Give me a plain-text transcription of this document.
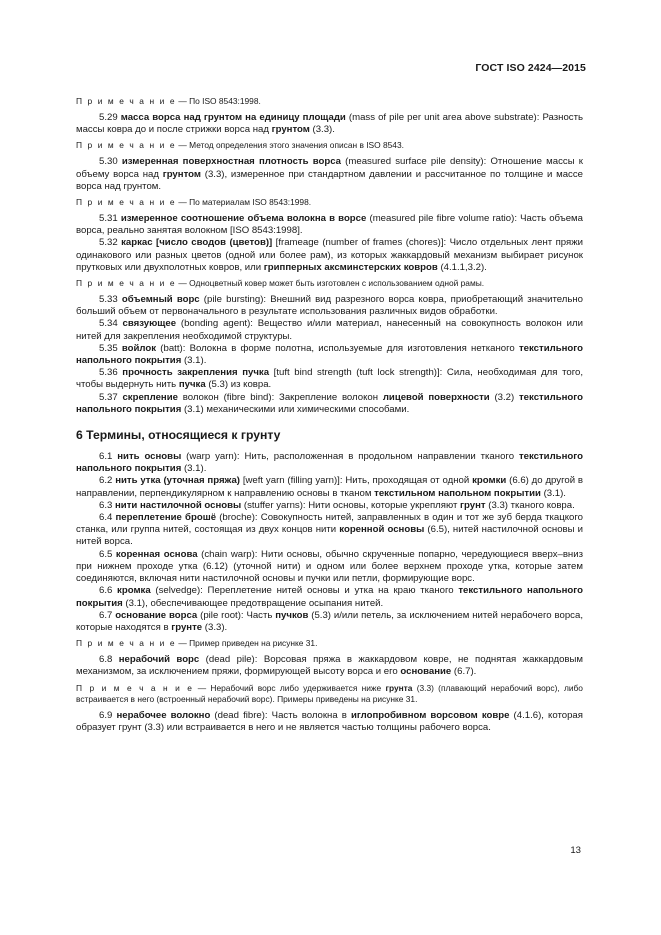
ГОСТ ISO 2424—2015

П р и м е ч а н и е — По ISO 8543:1998.

5.29 масса ворса над грунтом на единицу площади (mass of pile per unit area above substrate): Разность массы ковра до и после стрижки ворса над грунтом (3.3).

П р и м е ч а н и е — Метод определения этого значения описан в ISO 8543.

5.30 измеренная поверхностная плотность ворса (measured surface pile density): Отношение массы к объему ворса над грунтом (3.3), измеренное при стандартном давлении и рассчитанное по толщине и массе ворса над грунтом.

П р и м е ч а н и е — По материалам ISO 8543:1998.

5.31 измеренное соотношение объема волокна в ворсе (measured pile fibre volume ratio): Часть объема ворса, реально занятая волокном [ISO 8543:1998].

5.32 каркас [число сводов (цветов)] [frameage (number of frames (chores)]: Число отдельных лент пряжи одинакового или разных цветов (одной или более рам), из которых жаккардовый механизм выбирает рисунок прутковых или двухполотных ковров, или грипперных аксминстерских ковров (4.1.1,3.2).

П р и м е ч а н и е — Одноцветный ковер может быть изготовлен с использованием одной рамы.

5.33 объемный ворс (pile bursting): Внешний вид разрезного ворса ковра, приобретающий значительно больший объем от первоначального в результате использования различных видов обработки.

5.34 связующее (bonding agent): Вещество и/или материал, нанесенный на совокупность волокон или нитей для закрепления необходимой структуры.

5.35 войлок (batt): Волокна в форме полотна, используемые для изготовления нетканого текстильного напольного покрытия (3.1).

5.36 прочность закрепления пучка [tuft bind strength (tuft lock strength)]: Сила, необходимая для того, чтобы выдернуть нить пучка (5.3) из ковра.

5.37 скрепление волокон (fibre bind): Закрепление волокон лицевой поверхности (3.2) текстильного напольного покрытия (3.1) механическими или химическими способами.

6 Термины, относящиеся к грунту

6.1 нить основы (warp yarn): Нить, расположенная в продольном направлении тканого текстильного напольного покрытия (3.1).

6.2 нить утка (уточная пряжа) [weft yarn (filling yarn)]: Нить, проходящая от одной кромки (6.6) до другой в направлении, перпендикулярном к направлению основы в тканом текстильном напольном покрытии (3.1).

6.3 нити настилочной основы (stuffer yarns): Нити основы, которые укрепляют грунт (3.3) тканого ковра.

6.4 переплетение брошё (broche): Совокупность нитей, заправленных в один и тот же зуб берда ткацкого станка, или группа нитей, состоящая из двух концов нити коренной основы (6.5), нитей настилочной основы и нитей ворса.

6.5 коренная основа (chain warp): Нити основы, обычно скрученные попарно, чередующиеся вверх–вниз при нижнем проходе утка (6.12) (уточной нити) и одном или более верхнем проходе утка, которые затем соединяются, включая нити настилочной основы и пучки или петли, формирующие ворс.

6.6 кромка (selvedge): Переплетение нитей основы и утка на краю тканого текстильного напольного покрытия (3.1), обеспечивающее предотвращение осыпания нитей.

6.7 основание ворса (pile root): Часть пучков (5.3) и/или петель, за исключением нитей нерабочего ворса, которые находятся в грунте (3.3).

П р и м е ч а н и е — Пример приведен на рисунке 31.

6.8 нерабочий ворс (dead pile): Ворсовая пряжа в жаккардовом ковре, не поднятая жаккардовым механизмом, за исключением пряжи, формирующей высоту ворса и его основание (6.7).

П р и м е ч а н и е — Нерабочий ворс либо удерживается ниже грунта (3.3) (плавающий нерабочий ворс), либо встраивается в него (встроенный нерабочий ворс). Примеры приведены на рисунке 31.

6.9 нерабочее волокно (dead fibre): Часть волокна в иглопробивном ворсовом ковре (4.1.6), которая образует грунт (3.3) или встраивается в него и не является частью толщины рабочего ворса.

13
